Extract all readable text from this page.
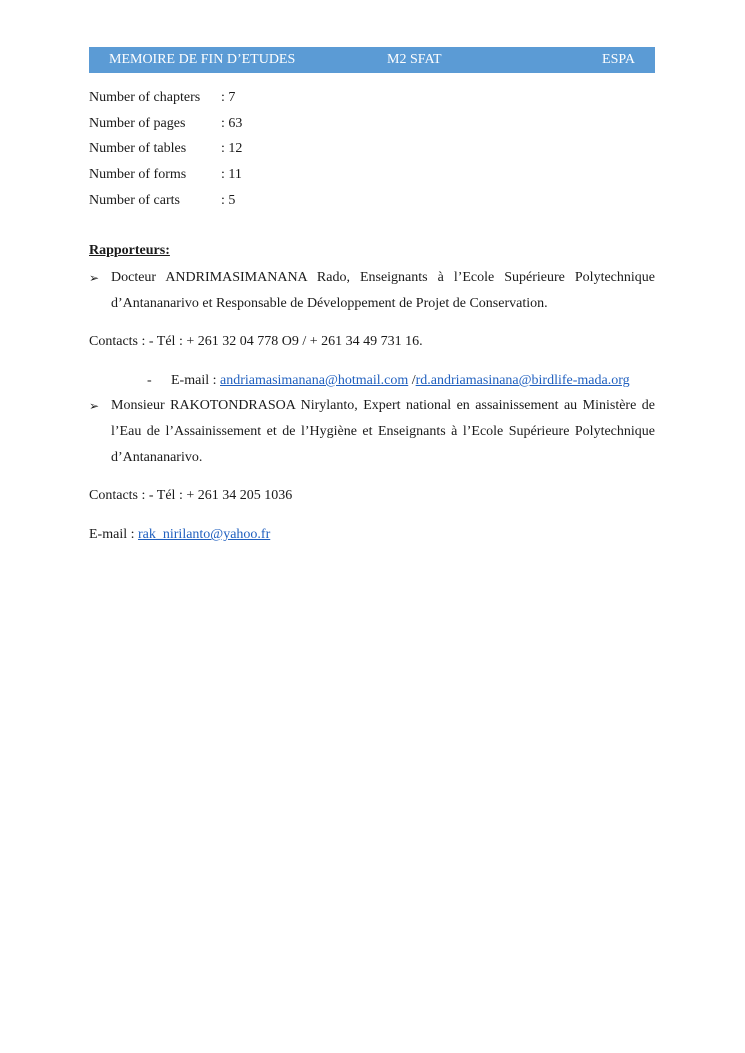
MEMOIRE DE FIN D’ETUDES	M2 SFAT	ESPA
Number of chapters : 7
Number of pages	: 63
Number of tables : 12
Number of forms : 11
Number of carts	: 5
Rapporteurs:
➢ Docteur ANDRIMASIMANANA Rado, Enseignants à l’Ecole Supérieure Polytechnique d’Antananarivo et Responsable de Développement de Projet de Conservation.
Contacts : - Tél : + 261 32 04 778 O9 / + 261 34 49 731 16.
- E-mail : andriamasimanana@hotmail.com /rd.andriamasinana@birdlife-mada.org
➢ Monsieur RAKOTONDRASOA Nirylanto, Expert national en assainissement au Ministère de l’Eau de l’Assainissement et de l’Hygiène et Enseignants à l’Ecole Supérieure Polytechnique d’Antananarivo.
Contacts : - Tél : + 261 34 205 1036
E-mail : rak_nirilanto@yahoo.fr
